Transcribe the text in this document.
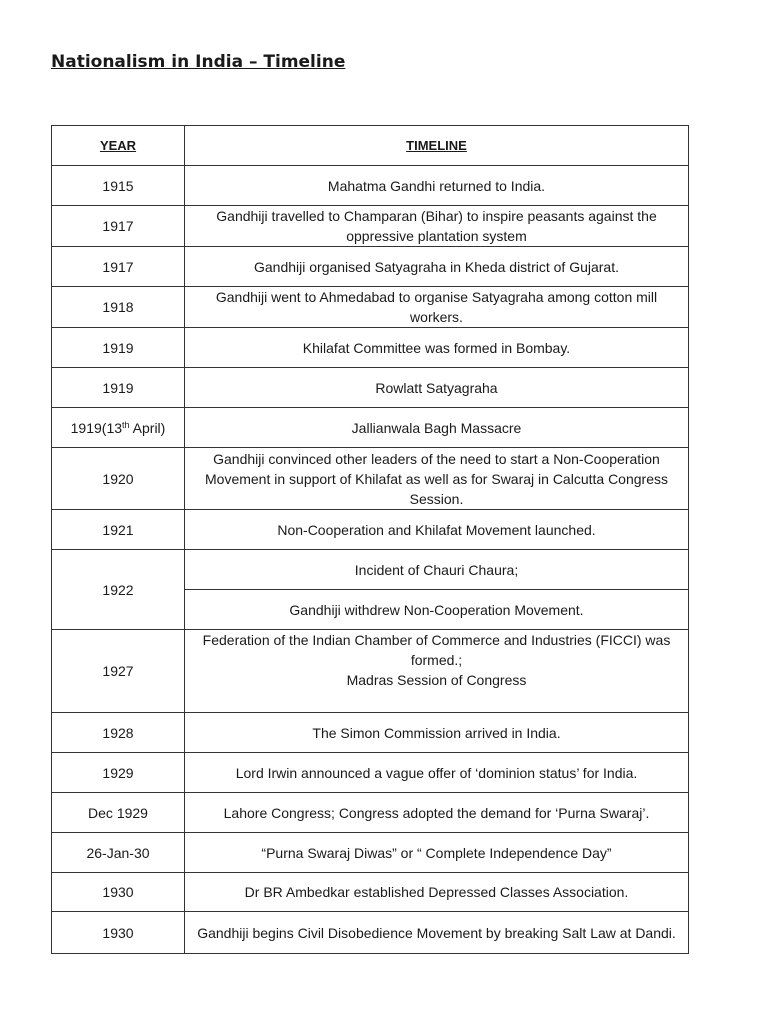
Nationalism in India – Timeline
YEAR	TIMELINE
1915	Mahatma Gandhi returned to India.
1917	Gandhiji travelled to Champaran (Bihar) to inspire peasants against the oppressive plantation system
1917	Gandhiji organised Satyagraha in Kheda district of Gujarat.
1918	Gandhiji went to Ahmedabad to organise Satyagraha among cotton mill workers.
1919	Khilafat Committee was formed in Bombay.
1919	Rowlatt Satyagraha
1919(13th April)	Jallianwala Bagh Massacre
1920	Gandhiji convinced other leaders of the need to start a Non-Cooperation Movement in support of Khilafat as well as for Swaraj in Calcutta Congress Session.
1921	Non-Cooperation and Khilafat Movement launched.
1922	Incident of Chauri Chaura;
	Gandhiji withdrew Non-Cooperation Movement.
1927	Federation of the Indian Chamber of Commerce and Industries (FICCI) was formed.;
Madras Session of Congress

1928	The Simon Commission arrived in India.
1929	Lord Irwin announced a vague offer of ‘dominion status’ for India.
Dec 1929	Lahore Congress; Congress adopted the demand for ‘Purna Swaraj’.
26-Jan-30	“Purna Swaraj Diwas” or “ Complete Independence Day”
1930	Dr BR Ambedkar established Depressed Classes Association.
1930	Gandhiji begins Civil Disobedience Movement by breaking Salt Law at Dandi.
